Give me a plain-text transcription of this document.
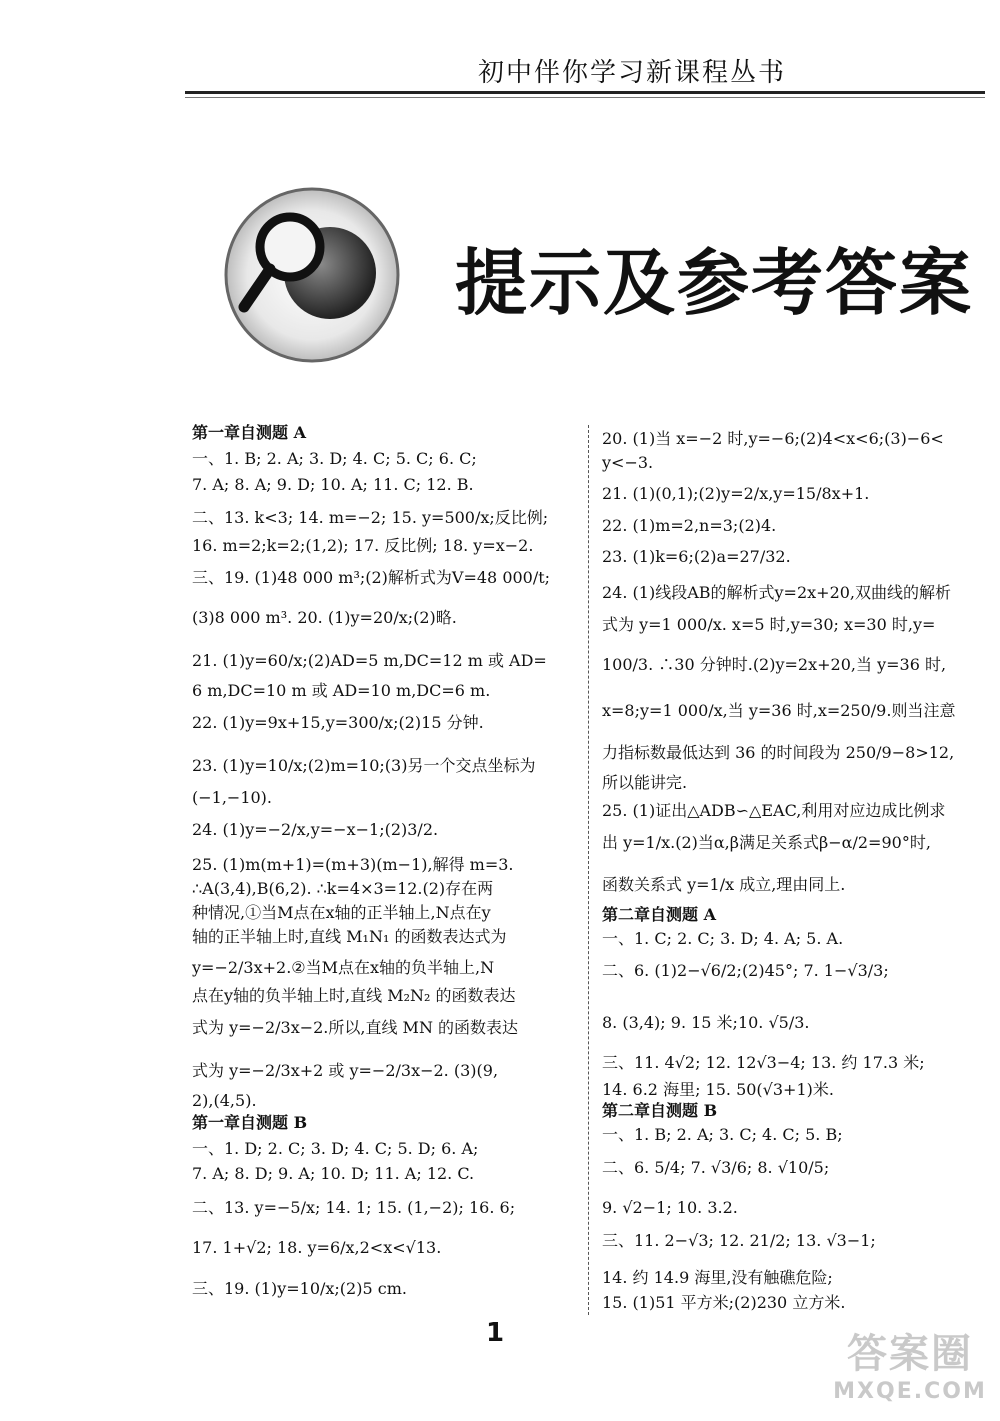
初中伴你学习新课程丛书
提示及参考答案
第一章自测题 A
一、1. B; 2. A; 3. D; 4. C; 5. C; 6. C;
7. A; 8. A; 9. D; 10. A; 11. C; 12. B.
二、13. k<3; 14. m=−2; 15. y=500/x;反比例;
16. m=2;k=2;(1,2); 17. 反比例; 18. y=x−2.
三、19. (1)48 000 m³;(2)解析式为V=48 000/t;
(3)8 000 m³. 20. (1)y=20/x;(2)略.
21. (1)y=60/x;(2)AD=5 m,DC=12 m 或 AD=
6 m,DC=10 m 或 AD=10 m,DC=6 m.
22. (1)y=9x+15,y=300/x;(2)15 分钟.
23. (1)y=10/x;(2)m=10;(3)另一个交点坐标为
(−1,−10).
24. (1)y=−2/x,y=−x−1;(2)3/2.
25. (1)m(m+1)=(m+3)(m−1),解得 m=3.
∴A(3,4),B(6,2). ∴k=4×3=12.(2)存在两
种情况,①当M点在x轴的正半轴上,N点在y
轴的正半轴上时,直线 M₁N₁ 的函数表达式为
y=−2/3x+2.②当M点在x轴的负半轴上,N
点在y轴的负半轴上时,直线 M₂N₂ 的函数表达
式为 y=−2/3x−2.所以,直线 MN 的函数表达
式为 y=−2/3x+2 或 y=−2/3x−2. (3)(9,
2),(4,5).
第一章自测题 B
一、1. D; 2. C; 3. D; 4. C; 5. D; 6. A;
7. A; 8. D; 9. A; 10. D; 11. A; 12. C.
二、13. y=−5/x; 14. 1; 15. (1,−2); 16. 6;
17. 1+√2; 18. y=6/x,2<x<√13.
三、19. (1)y=10/x;(2)5 cm.
20. (1)当 x=−2 时,y=−6;(2)4<x<6;(3)−6<
y<−3.
21. (1)(0,1);(2)y=2/x,y=15/8x+1.
22. (1)m=2,n=3;(2)4.
23. (1)k=6;(2)a=27/32.
24. (1)线段AB的解析式y=2x+20,双曲线的解析
式为 y=1 000/x. x=5 时,y=30; x=30 时,y=
100/3. ∴30 分钟时.(2)y=2x+20,当 y=36 时,
x=8;y=1 000/x,当 y=36 时,x=250/9.则当注意
力指标数最低达到 36 的时间段为 250/9−8>12,
所以能讲完.
25. (1)证出△ADB∽△EAC,利用对应边成比例求
出 y=1/x.(2)当α,β满足关系式β−α/2=90°时,
函数关系式 y=1/x 成立,理由同上.
第二章自测题 A
一、1. C; 2. C; 3. D; 4. A; 5. A.
二、6. (1)2−√6/2;(2)45°; 7. 1−√3/3;
8. (3,4); 9. 15 米;10. √5/3.
三、11. 4√2; 12. 12√3−4; 13. 约 17.3 米;
14. 6.2 海里; 15. 50(√3+1)米.
第二章自测题 B
一、1. B; 2. A; 3. C; 4. C; 5. B;
二、6. 5/4; 7. √3/6; 8. √10/5;
9. √2−1; 10. 3.2.
三、11. 2−√3; 12. 21/2; 13. √3−1;
14. 约 14.9 海里,没有触礁危险;
15. (1)51 平方米;(2)230 立方米.
1	答案圈
MXQE.COM
